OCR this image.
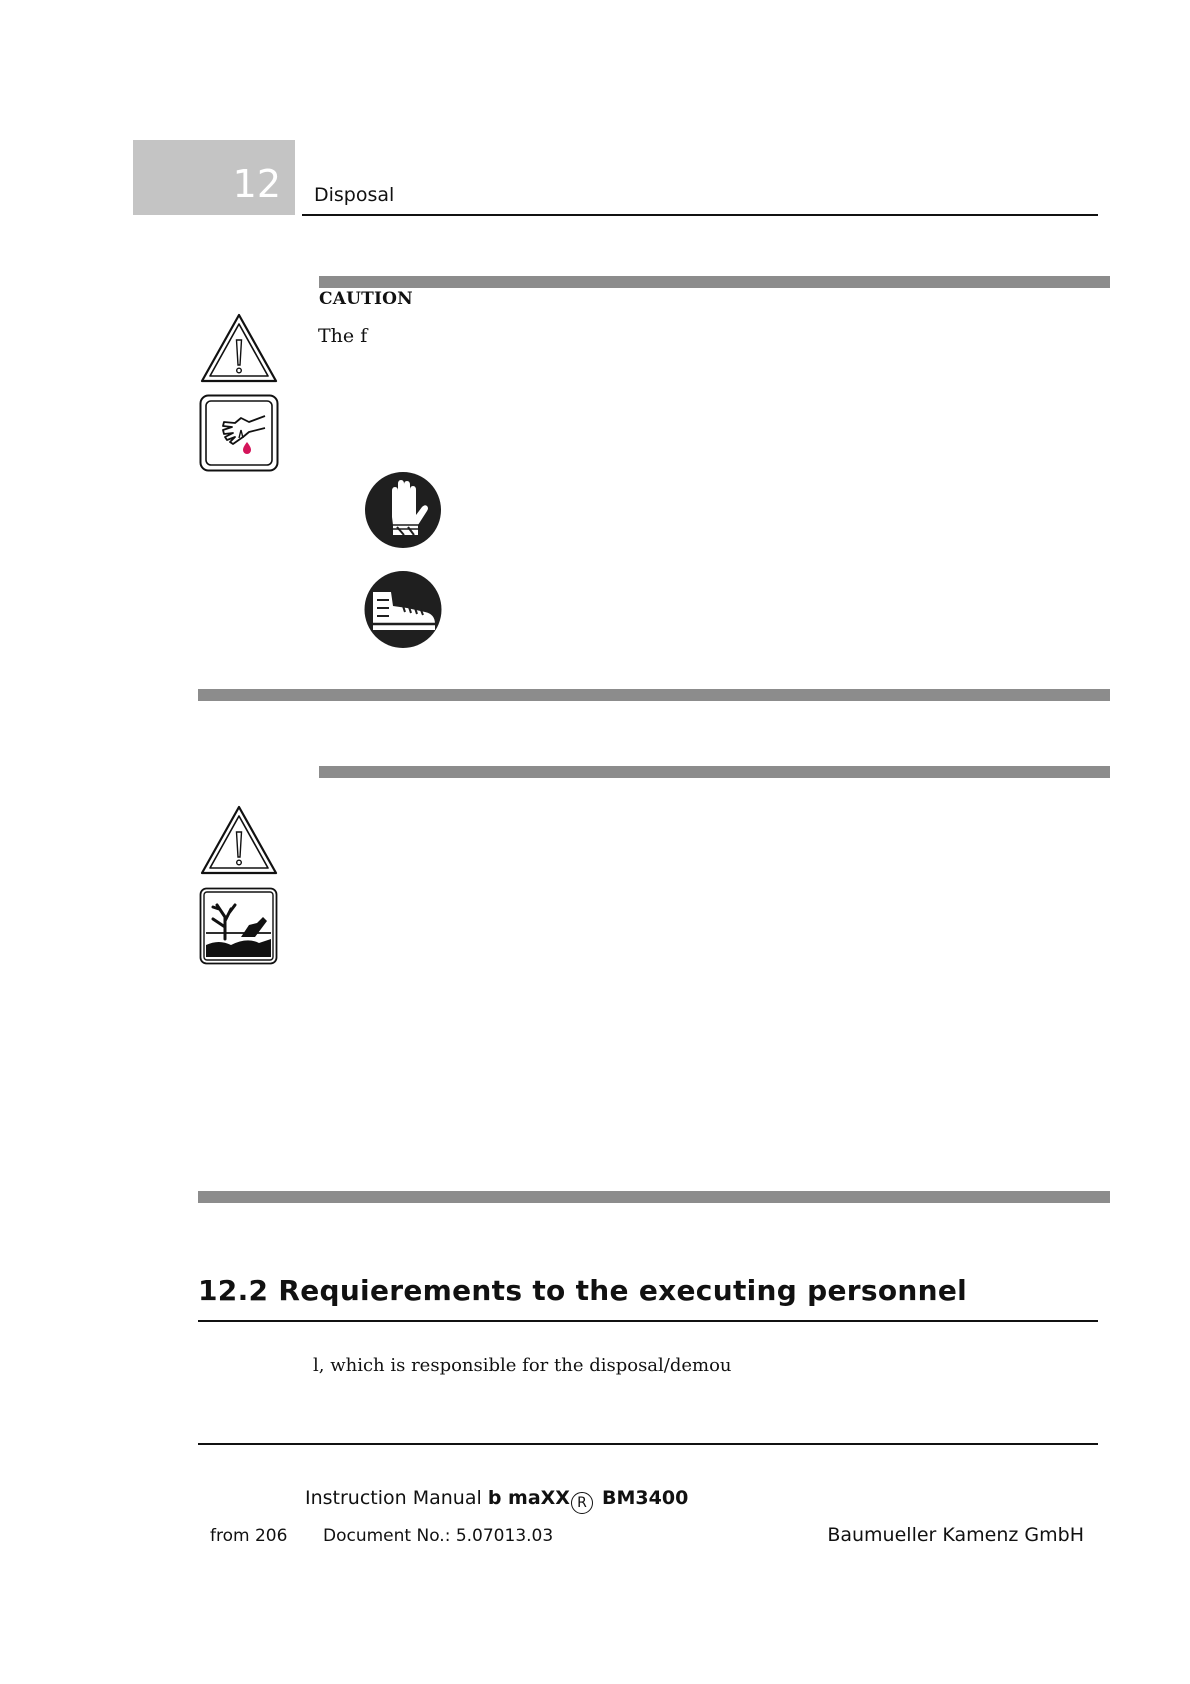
12 Disposal
CAUTION
The f
12.2 Requierements to the executing personnel
l, which is responsible for the disposal/demou
Instruction Manual b maXX R BM3400
from 206 Document No.: 5.07013.03	Baumueller Kamenz GmbH
